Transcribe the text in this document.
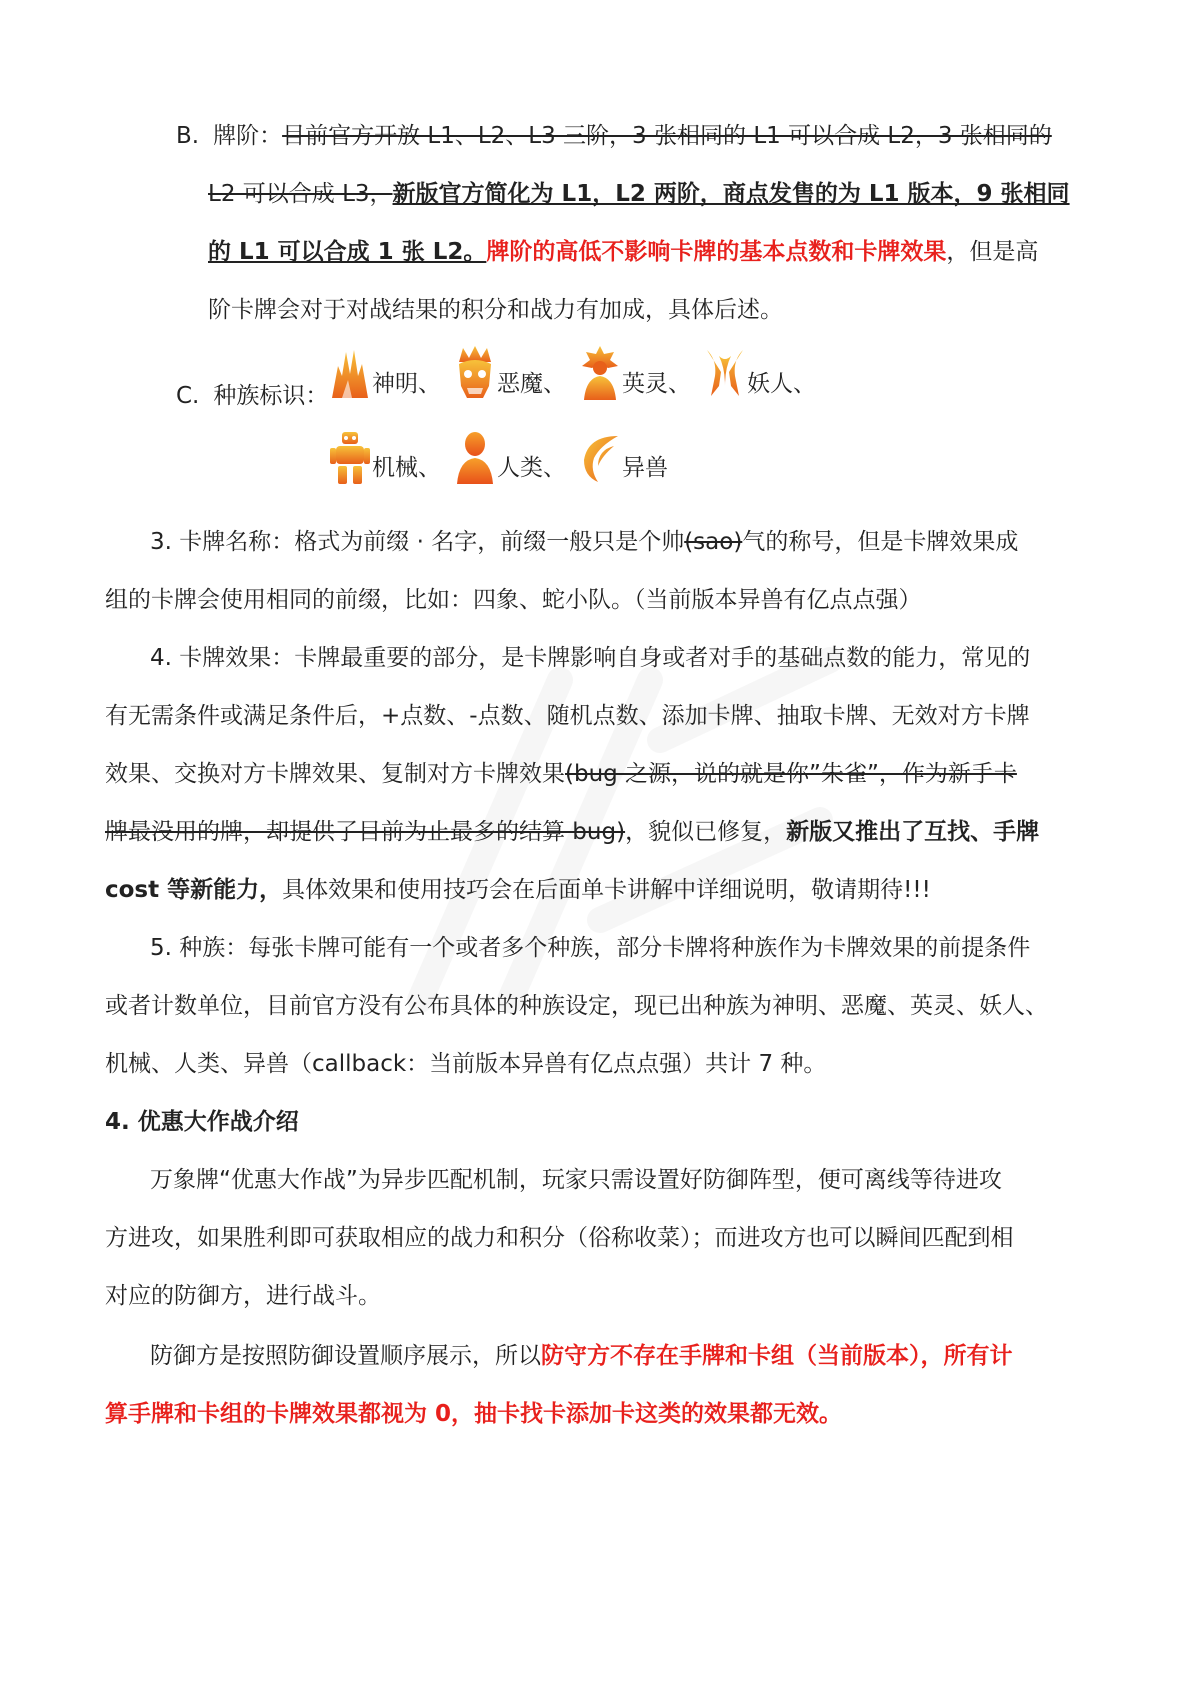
B. 牌阶：目前官方开放 L1、L2、L3 三阶，3 张相同的 L1 可以合成 L2，3 张相同的
L2 可以合成 L3，新版官方简化为 L1，L2 两阶，商点发售的为 L1 版本，9 张相同
的 L1 可以合成 1 张 L2。牌阶的高低不影响卡牌的基本点数和卡牌效果，但是高
阶卡牌会对于对战结果的积分和战力有加成，具体后述。
C. 种族标识： 神明、 恶魔、 英灵、 妖人、
机械、 人类、 异兽
3. 卡牌名称：格式为前缀 · 名字，前缀一般只是个帅(sao)气的称号，但是卡牌效果成
组的卡牌会使用相同的前缀，比如：四象、蛇小队。（当前版本异兽有亿点点强）
4. 卡牌效果：卡牌最重要的部分，是卡牌影响自身或者对手的基础点数的能力，常见的
有无需条件或满足条件后，+点数、-点数、随机点数、添加卡牌、抽取卡牌、无效对方卡牌
效果、交换对方卡牌效果、复制对方卡牌效果(bug 之源，说的就是你”朱雀”，作为新手卡
牌最没用的牌，却提供了目前为止最多的结算 bug)，貌似已修复，新版又推出了互找、手牌
cost 等新能力，具体效果和使用技巧会在后面单卡讲解中详细说明，敬请期待!!!
5. 种族：每张卡牌可能有一个或者多个种族，部分卡牌将种族作为卡牌效果的前提条件
或者计数单位，目前官方没有公布具体的种族设定，现已出种族为神明、恶魔、英灵、妖人、
机械、人类、异兽（callback：当前版本异兽有亿点点强）共计 7 种。
4. 优惠大作战介绍
万象牌“优惠大作战”为异步匹配机制，玩家只需设置好防御阵型，便可离线等待进攻
方进攻，如果胜利即可获取相应的战力和积分（俗称收菜）；而进攻方也可以瞬间匹配到相
对应的防御方，进行战斗。
防御方是按照防御设置顺序展示，所以防守方不存在手牌和卡组（当前版本），所有计
算手牌和卡组的卡牌效果都视为 0，抽卡找卡添加卡这类的效果都无效。
